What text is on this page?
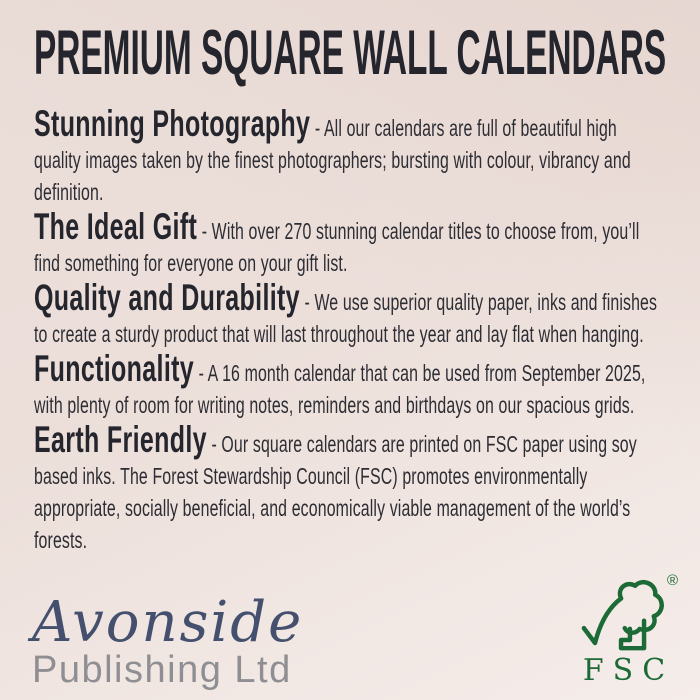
PREMIUM SQUARE WALL CALENDARS

Stunning Photography - All our calendars are full of beautiful high quality images taken by the finest photographers; bursting with colour, vibrancy and definition.

The Ideal Gift - With over 270 stunning calendar titles to choose from, you’ll find something for everyone on your gift list.

Quality and Durability - We use superior quality paper, inks and finishes to create a sturdy product that will last throughout the year and lay flat when hanging.

Functionality - A 16 month calendar that can be used from September 2025, with plenty of room for writing notes, reminders and birthdays on our spacious grids.

Earth Friendly - Our square calendars are printed on FSC paper using soy based inks. The Forest Stewardship Council (FSC) promotes environmentally appropriate, socially beneficial, and economically viable management of the world’s forests.

Avonside
Publishing Ltd
®
FSC
